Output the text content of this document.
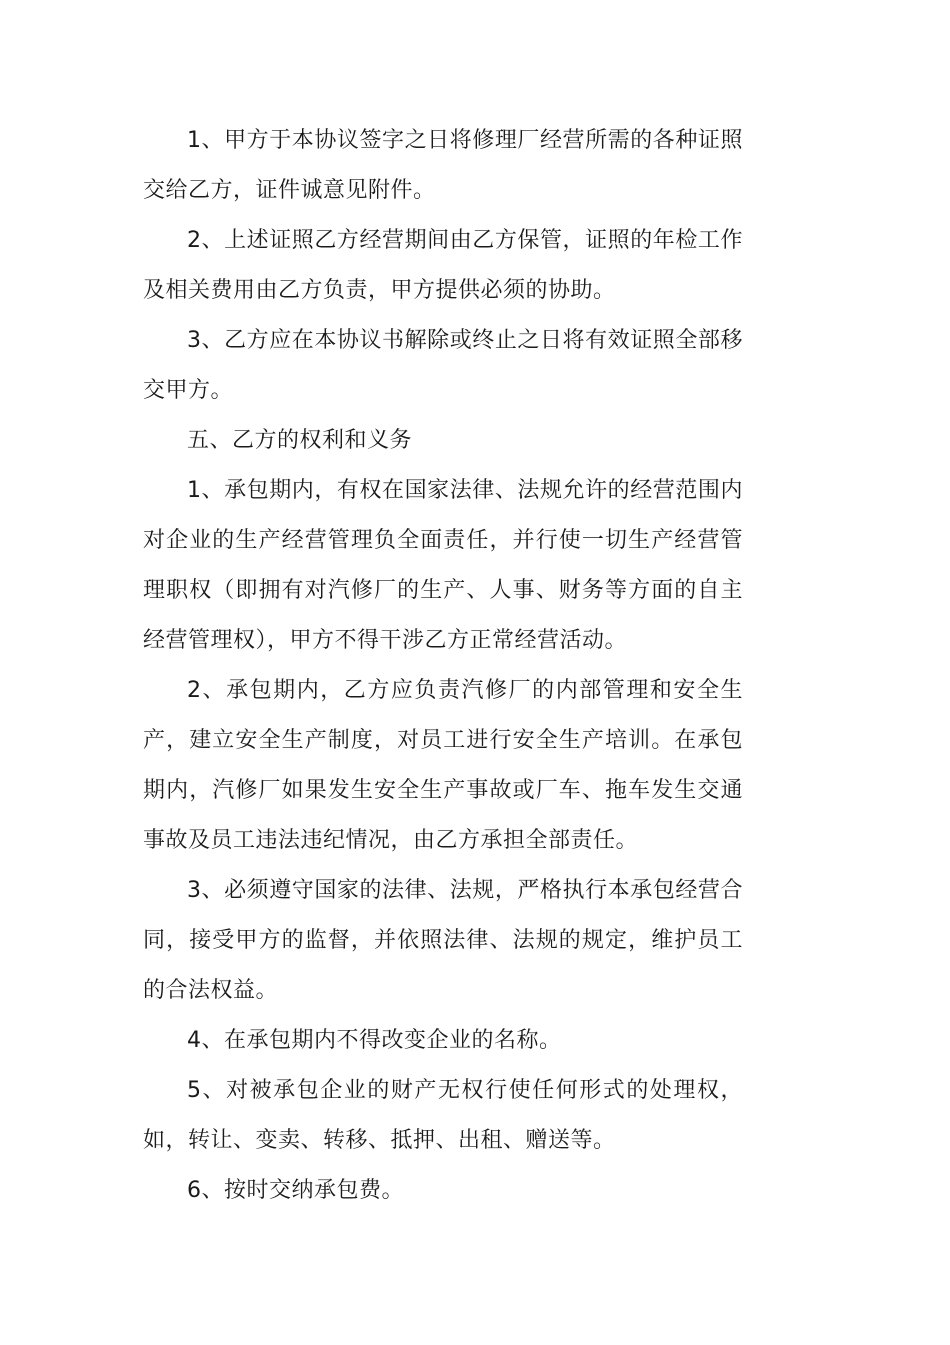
1、甲方于本协议签字之日将修理厂经营所需的各种证照交给乙方，证件诚意见附件。

2、上述证照乙方经营期间由乙方保管，证照的年检工作及相关费用由乙方负责，甲方提供必须的协助。

3、乙方应在本协议书解除或终止之日将有效证照全部移交甲方。

五、乙方的权利和义务

1、承包期内，有权在国家法律、法规允许的经营范围内对企业的生产经营管理负全面责任，并行使一切生产经营管理职权（即拥有对汽修厂的生产、人事、财务等方面的自主经营管理权），甲方不得干涉乙方正常经营活动。

2、承包期内，乙方应负责汽修厂的内部管理和安全生产，建立安全生产制度，对员工进行安全生产培训。在承包期内，汽修厂如果发生安全生产事故或厂车、拖车发生交通事故及员工违法违纪情况，由乙方承担全部责任。

3、必须遵守国家的法律、法规，严格执行本承包经营合同，接受甲方的监督，并依照法律、法规的规定，维护员工的合法权益。

4、在承包期内不得改变企业的名称。

5、对被承包企业的财产无权行使任何形式的处理权，如，转让、变卖、转移、抵押、出租、赠送等。

6、按时交纳承包费。
